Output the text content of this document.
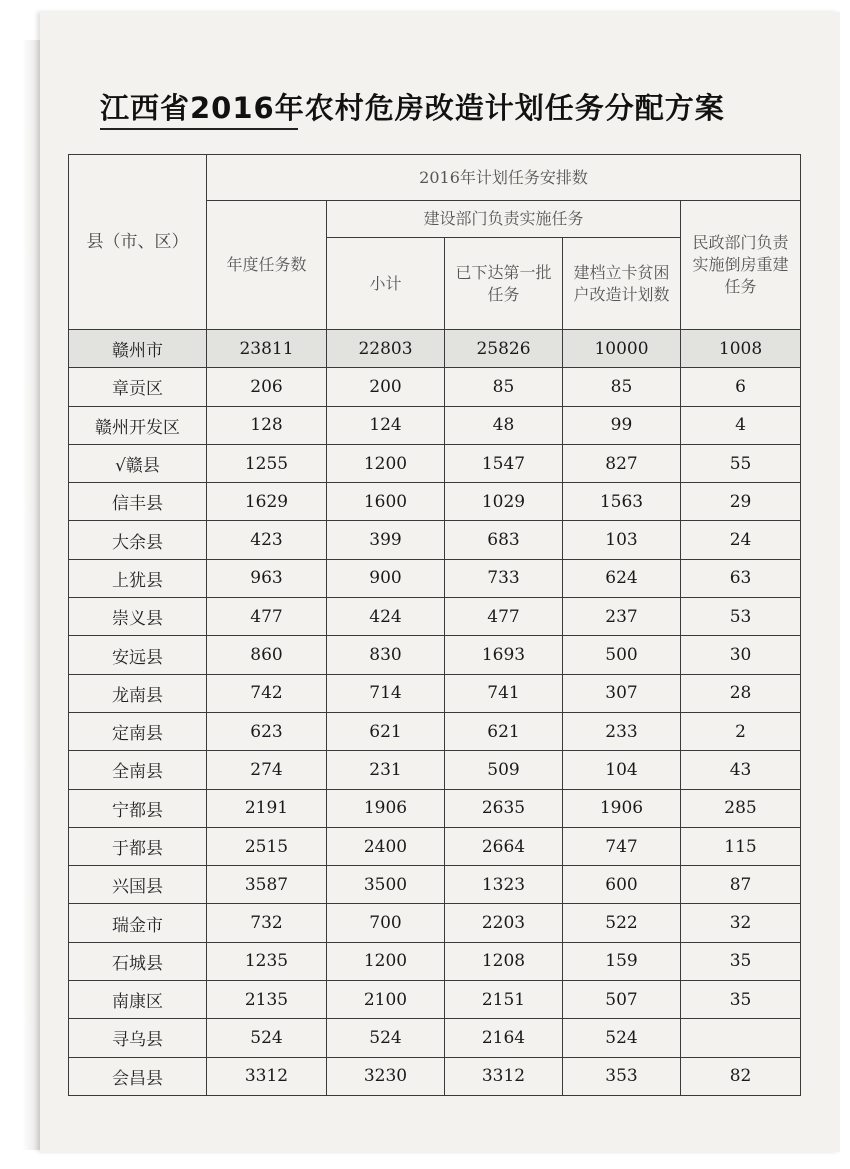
江西省2016年农村危房改造计划任务分配方案
县（市、区）	2016年计划任务安排数				
	年度任务数	建设部门负责实施任务			民政部门负责实施倒房重建任务
		小计	已下达第一批任务	建档立卡贫困户改造计划数	
赣州市	23811	22803	25826	10000	1008
章贡区	206	200	85	85	6
赣州开发区	128	124	48	99	4
√赣县	1255	1200	1547	827	55
信丰县	1629	1600	1029	1563	29
大余县	423	399	683	103	24
上犹县	963	900	733	624	63
崇义县	477	424	477	237	53
安远县	860	830	1693	500	30
龙南县	742	714	741	307	28
定南县	623	621	621	233	2
全南县	274	231	509	104	43
宁都县	2191	1906	2635	1906	285
于都县	2515	2400	2664	747	115
兴国县	3587	3500	1323	600	87
瑞金市	732	700	2203	522	32
石城县	1235	1200	1208	159	35
南康区	2135	2100	2151	507	35
寻乌县	524	524	2164	524	
会昌县	3312	3230	3312	353	82
